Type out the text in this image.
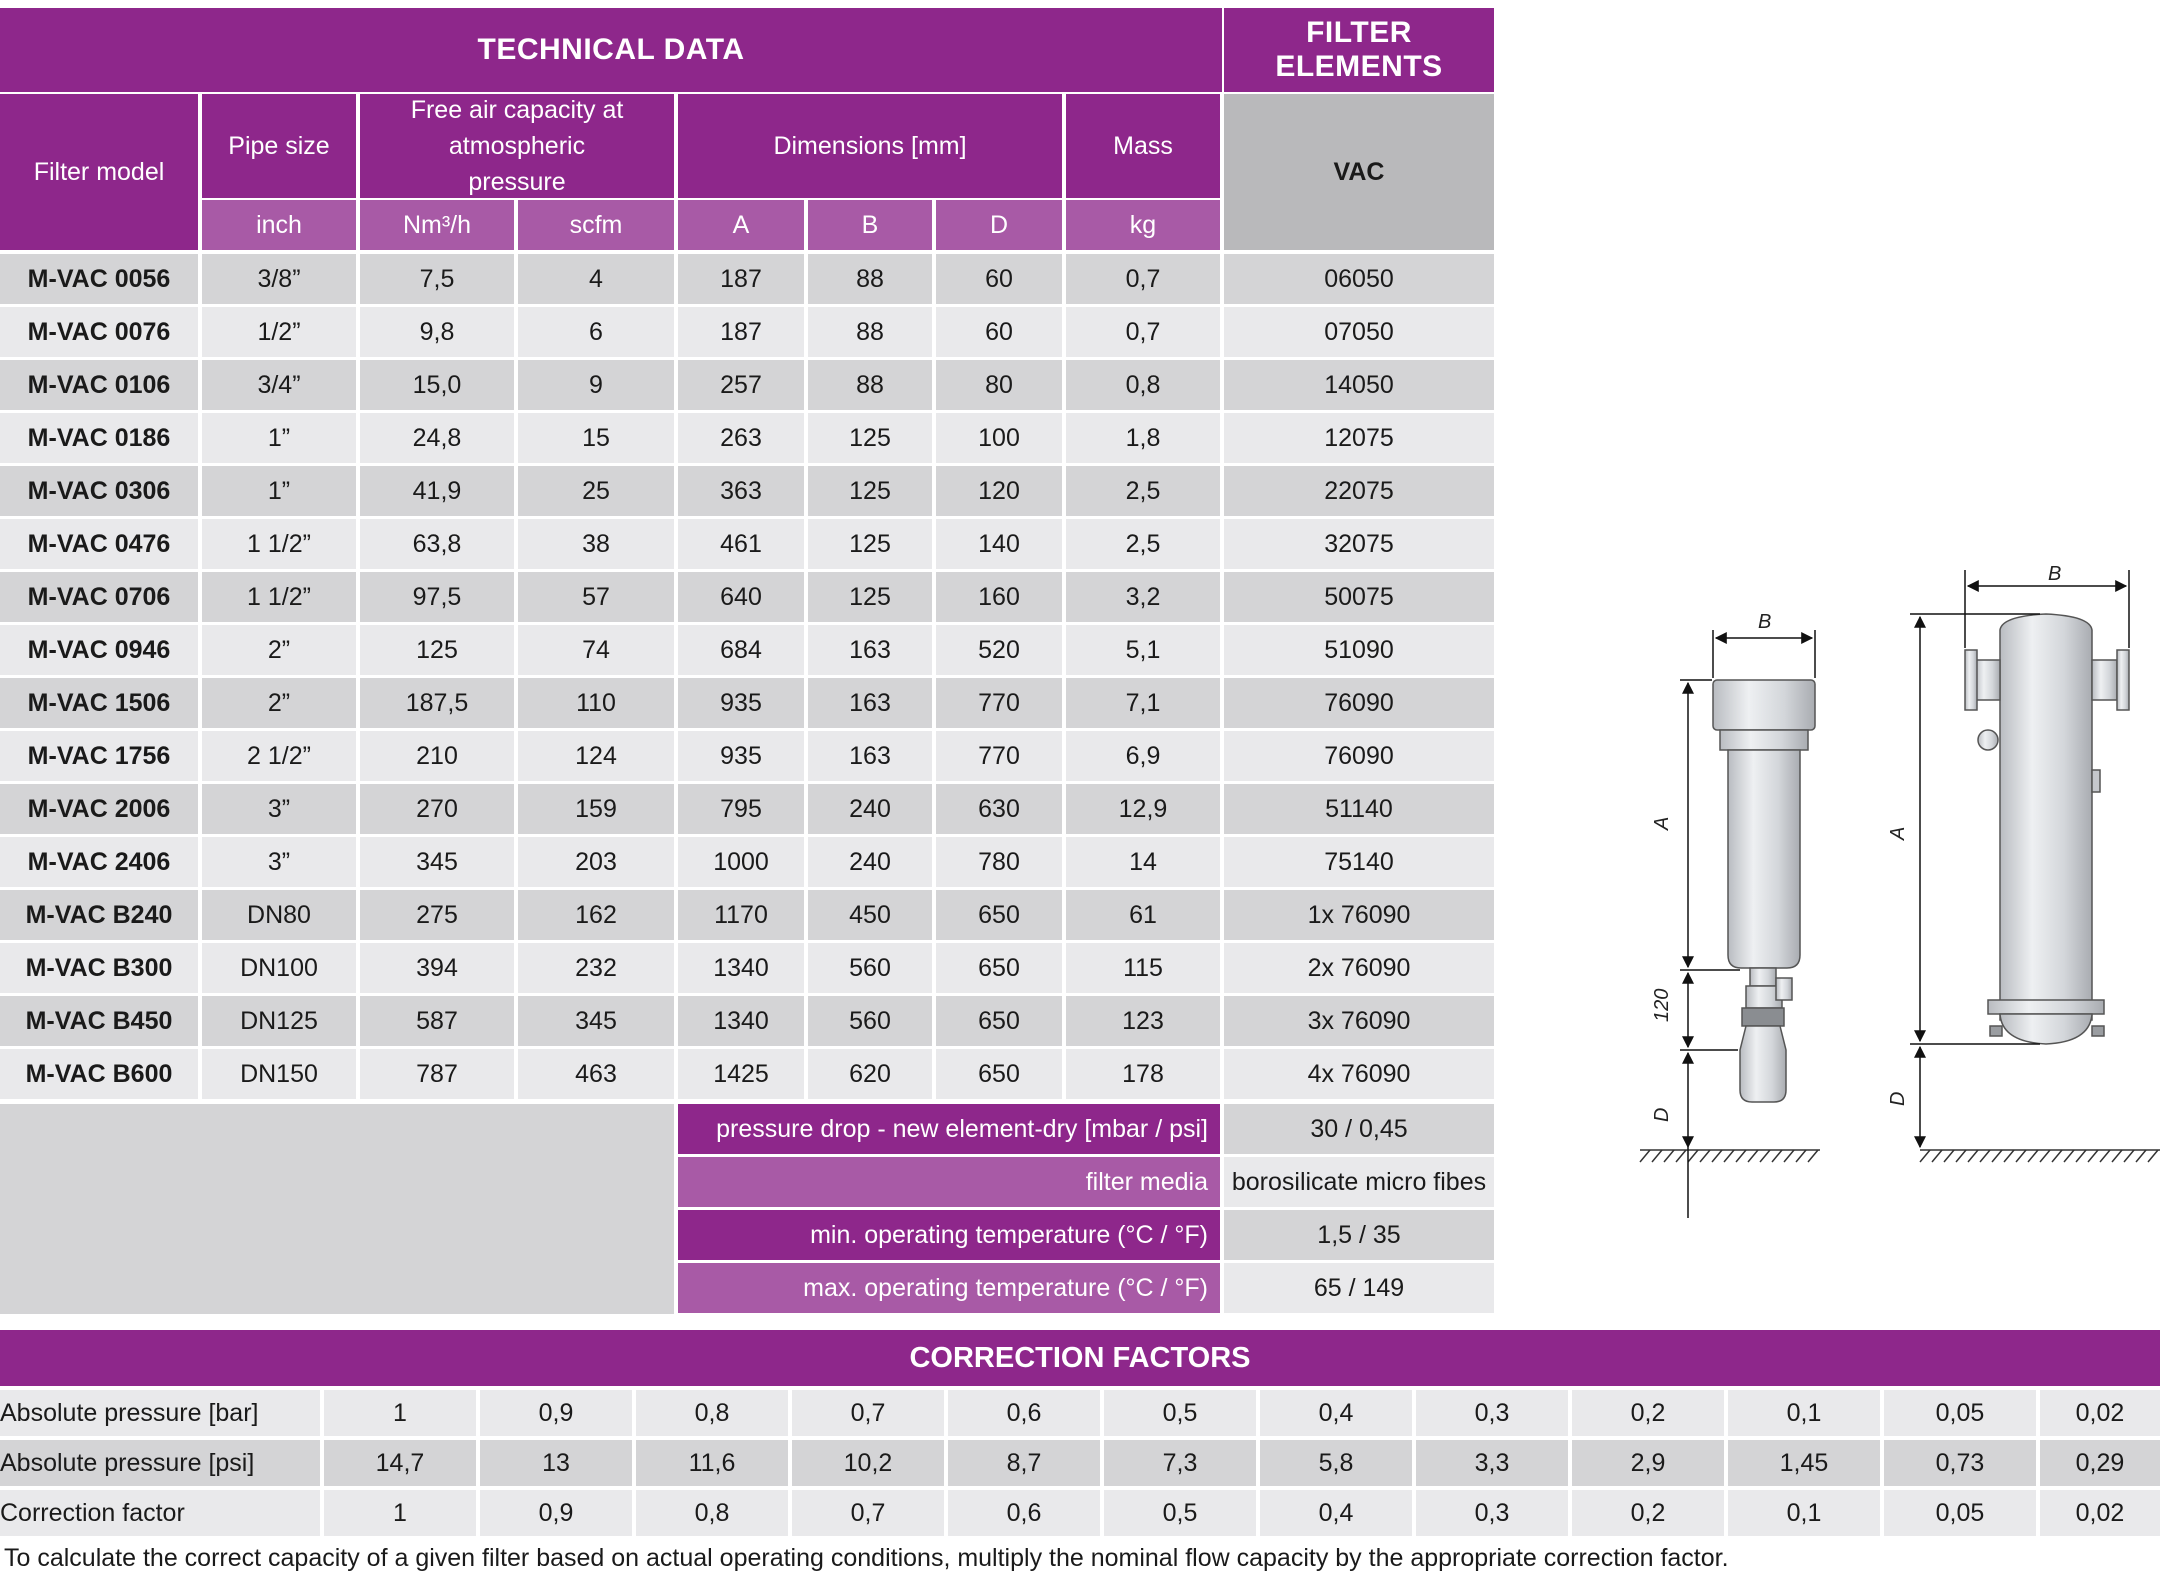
TECHNICAL DATA
FILTER ELEMENTS
Filter model
Pipe size
Free air capacity at atmospheric pressure
Dimensions [mm]	Mass
VAC
inch	Nm³/h	scfm	A	B	D	kg
M-VAC 0056	3/8”	7,5	4	187	88	60	0,7	06050
M-VAC 0076	1/2”	9,8	6	187	88	60	0,7	07050
M-VAC 0106	3/4”	15,0	9	257	88	80	0,8	14050
M-VAC 0186	1”	24,8	15	263	125	100	1,8	12075
M-VAC 0306	1”	41,9	25	363	125	120	2,5	22075
M-VAC 0476	1 1/2”	63,8	38	461	125	140	2,5	32075
M-VAC 0706	1 1/2”	97,5	57	640	125	160	3,2	50075
M-VAC 0946	2”	125	74	684	163	520	5,1	51090
M-VAC 1506	2”	187,5	110	935	163	770	7,1	76090
M-VAC 1756	2 1/2”	210	124	935	163	770	6,9	76090
M-VAC 2006	3”	270	159	795	240	630	12,9	51140
M-VAC 2406	3”	345	203	1000	240	780	14	75140
M-VAC B240	DN80	275	162	1170	450	650	61	1x 76090
M-VAC B300	DN100	394	232	1340	560	650	115	2x 76090
M-VAC B450	DN125	587	345	1340	560	650	123	3x 76090
M-VAC B600	DN150	787	463	1425	620	650	178	4x 76090
pressure drop - new element-dry [mbar / psi]	30 / 0,45
filter media borosilicate micro fibes
min. operating temperature (°C / °F)	1,5 / 35
max. operating temperature (°C / °F)	65 / 149
CORRECTION FACTORS
Absolute pressure [bar]	1	0,9	0,8	0,7	0,6	0,5	0,4	0,3	0,2	0,1	0,05	0,02
Absolute pressure [psi]	14,7	13	11,6	10,2	8,7	7,3	5,8	3,3	2,9	1,45	0,73	0,29
Correction factor	1	0,9	0,8	0,7	0,6	0,5	0,4	0,3	0,2	0,1	0,05	0,02
To calculate the correct capacity of a given filter based on actual operating conditions, multiply the nominal flow capacity by the appropriate correction factor.
B
A
120
D
B
A
D
